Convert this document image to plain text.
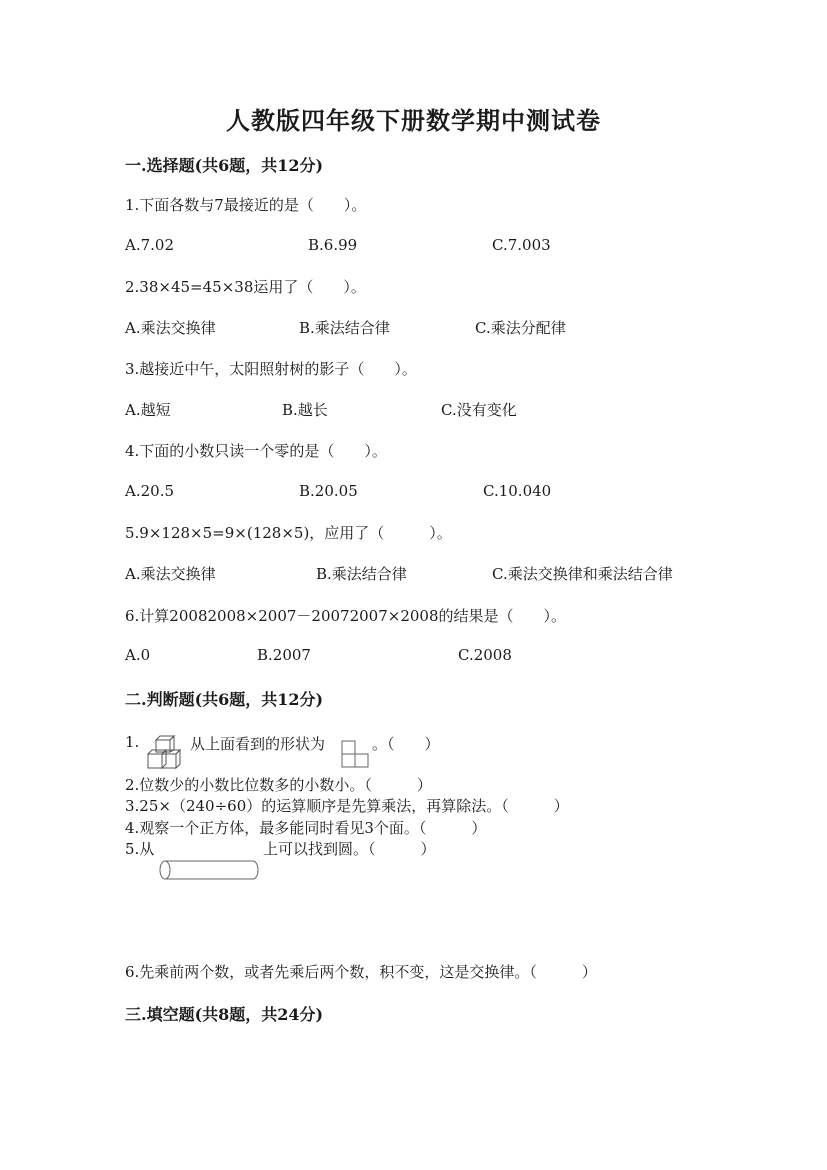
人教版四年级下册数学期中测试卷
一.选择题(共6题，共12分)
1.下面各数与7最接近的是（　　）。
A.7.02	B.6.99	C.7.003
2.38×45=45×38运用了（　　）。
A.乘法交换律	B.乘法结合律	C.乘法分配律
3.越接近中午，太阳照射树的影子（　　）。
A.越短	B.越长	C.没有变化
4.下面的小数只读一个零的是（　　）。
A.20.5	B.20.05	C.10.040
5.9×128×5=9×(128×5)，应用了（　　　）。
A.乘法交换律	B.乘法结合律	C.乘法交换律和乘法结合律
6.计算20082008×2007－20072007×2008的结果是（　　）。
A.0	B.2007	C.2008
二.判断题(共6题，共12分)
1.	从上面看到的形状为	。（　　）
2.位数少的小数比位数多的小数小。（　　　）
3.25×（240÷60）的运算顺序是先算乘法，再算除法。（　　　）
4.观察一个正方体，最多能同时看见3个面。（　　　）
5.从	上可以找到圆。（　　　）
6.先乘前两个数，或者先乘后两个数，积不变，这是交换律。（　　　）
三.填空题(共8题，共24分)
